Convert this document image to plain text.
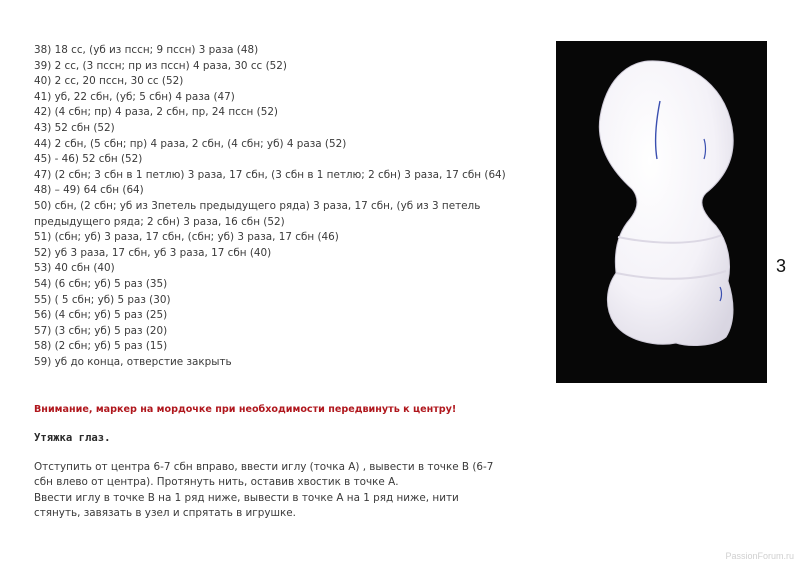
38) 18 сс, (уб из пссн; 9 пссн) 3 раза (48)
39) 2 сс, (3 пссн; пр из пссн) 4 раза, 30 сс (52)
40) 2 сс, 20 пссн, 30 сс (52)
41) уб, 22 сбн, (уб; 5 сбн) 4 раза (47)
42) (4 сбн; пр) 4 раза, 2 сбн, пр, 24 пссн (52)
43) 52 сбн (52)
44) 2 сбн, (5 сбн; пр) 4 раза, 2 сбн, (4 сбн; уб) 4 раза (52)
45) - 46) 52 сбн (52)
47) (2 сбн; 3 сбн в 1 петлю) 3 раза, 17 сбн, (3 сбн в 1 петлю; 2 сбн) 3 раза, 17 сбн (64)
48) – 49) 64 сбн (64)
50) сбн, (2 сбн; уб из 3петель предыдущего ряда) 3 раза, 17 сбн, (уб из 3 петель предыдущего ряда; 2 сбн) 3 раза, 16 сбн (52)
51) (сбн; уб) 3 раза, 17 сбн, (сбн; уб) 3 раза, 17 сбн (46)
52) уб 3 раза, 17 сбн, уб 3 раза, 17 сбн (40)
53) 40 сбн (40)
54) (6 сбн; уб) 5 раз (35)
55) ( 5 сбн; уб) 5 раз (30)
56) (4 сбн; уб) 5 раз (25)
57) (3 сбн; уб) 5 раз (20)
58) (2 сбн; уб) 5 раз (15)
59) уб до конца, отверстие закрыть
Внимание, маркер на мордочке при необходимости передвинуть к центру!
Утяжка глаз.
Отступить от центра 6-7 сбн вправо, ввести иглу (точка А) , вывести в точке В (6-7
сбн влево от центра). Протянуть нить, оставив хвостик в точке А.
Ввести иглу в точке В на 1 ряд ниже, вывести в точке А на 1 ряд ниже, нити
стянуть, завязать в узел и спрятать в игрушке.
3
PassionForum.ru
